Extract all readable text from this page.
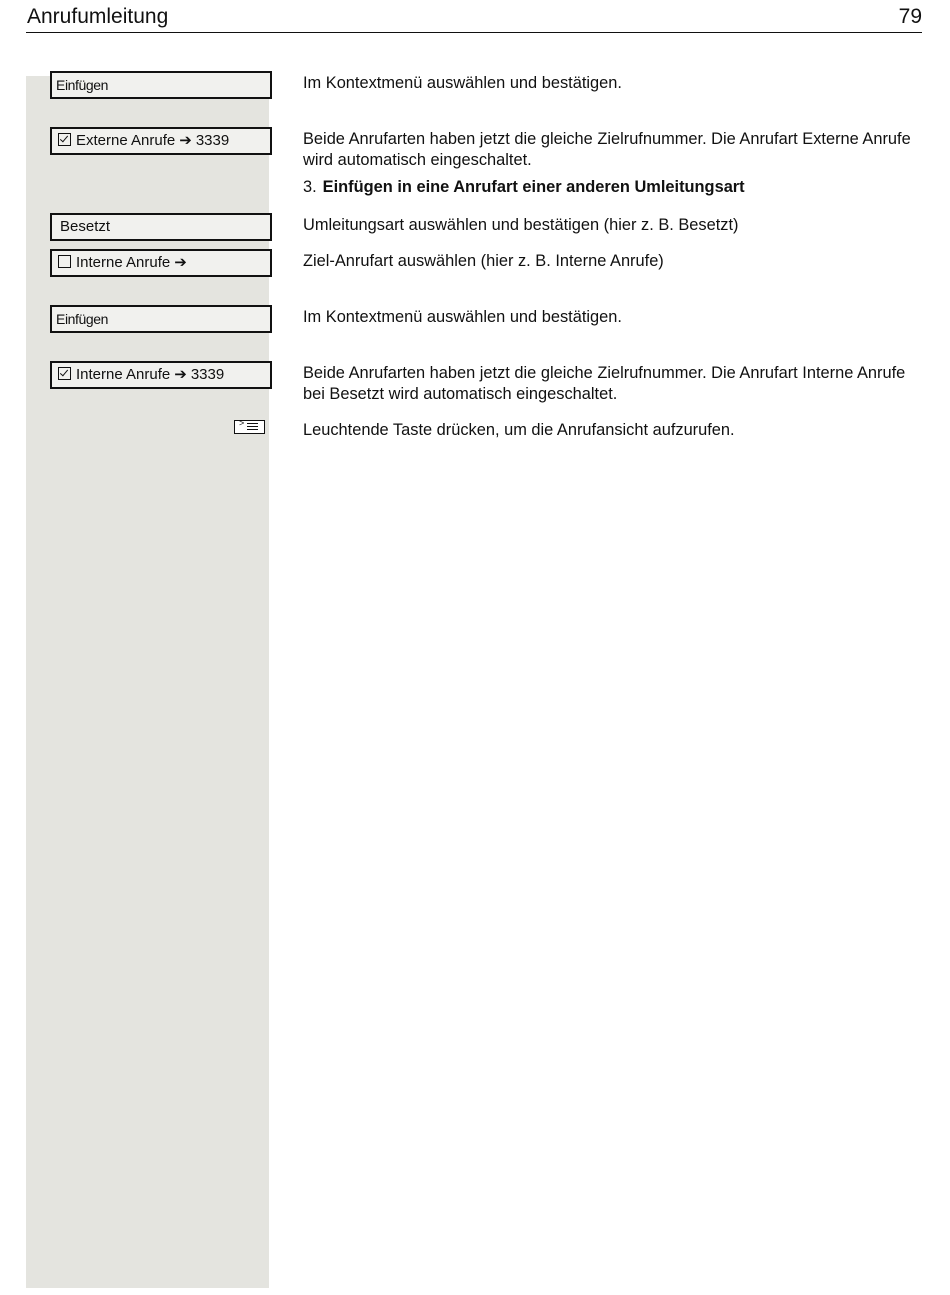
Anrufumleitung	79
Einfügen	Im Kontextmenü auswählen und bestätigen.
Externe Anrufe ➔ 3339	Beide Anrufarten haben jetzt die gleiche Zielrufnummer. Die Anrufart Externe Anrufe wird automatisch eingeschaltet.
3. Einfügen in eine Anrufart einer anderen Umleitungsart
Besetzt	Umleitungsart auswählen und bestätigen (hier z. B. Besetzt)
Interne Anrufe ➔	Ziel-Anrufart auswählen (hier z. B. Interne Anrufe)
Einfügen	Im Kontextmenü auswählen und bestätigen.
Interne Anrufe ➔ 3339	Beide Anrufarten haben jetzt die gleiche Zielrufnummer. Die Anrufart Interne Anrufe bei Besetzt wird automatisch eingeschaltet.
>	Leuchtende Taste drücken, um die Anrufansicht aufzurufen.
